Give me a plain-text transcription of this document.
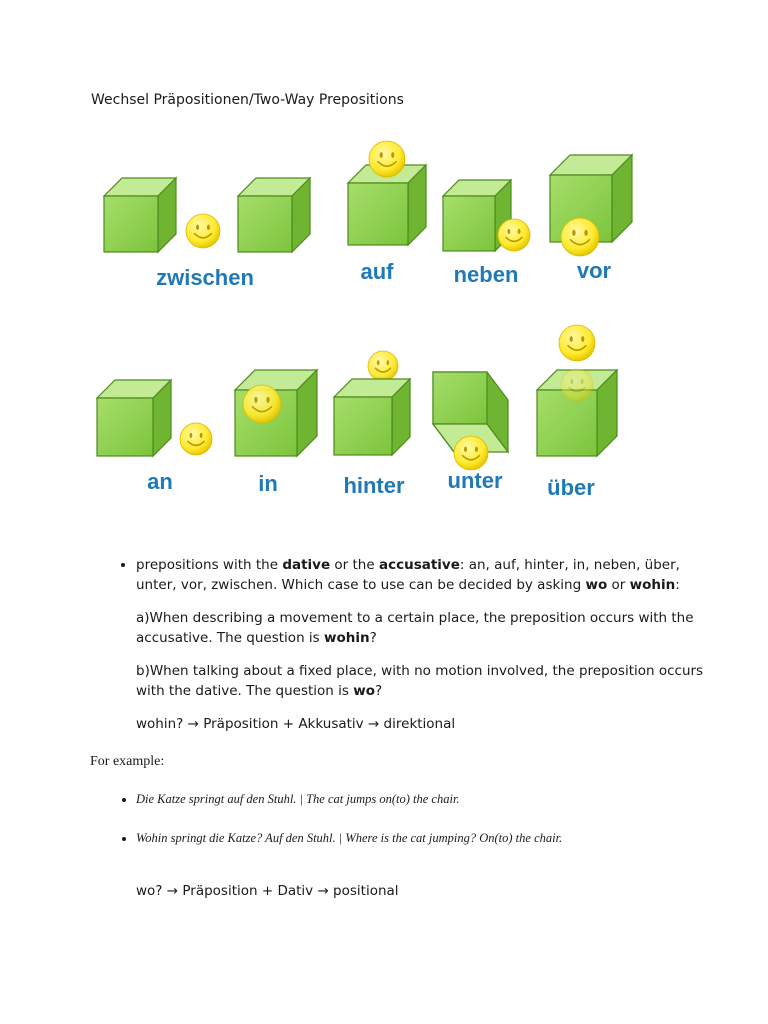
Wechsel Präpositionen/Two-Way Prepositions
zwischen	auf	neben	vor
an	in	hinter unter über
• prepositions with the dative or the accusative: an, auf, hinter, in, neben, über, unter, vor, zwischen. Which case to use can be decided by asking wo or wohin:

a)When describing a movement to a certain place, the preposition occurs with the accusative. The question is wohin?

b)When talking about a fixed place, with no motion involved, the preposition occurs with the dative. The question is wo?

wohin? → Präposition + Akkusativ → direktional

For example:

• Die Katze springt auf den Stuhl. | The cat jumps on(to) the chair.
• Wohin springt die Katze? Auf den Stuhl. | Where is the cat jumping? On(to) the chair.

wo? → Präposition + Dativ → positional
